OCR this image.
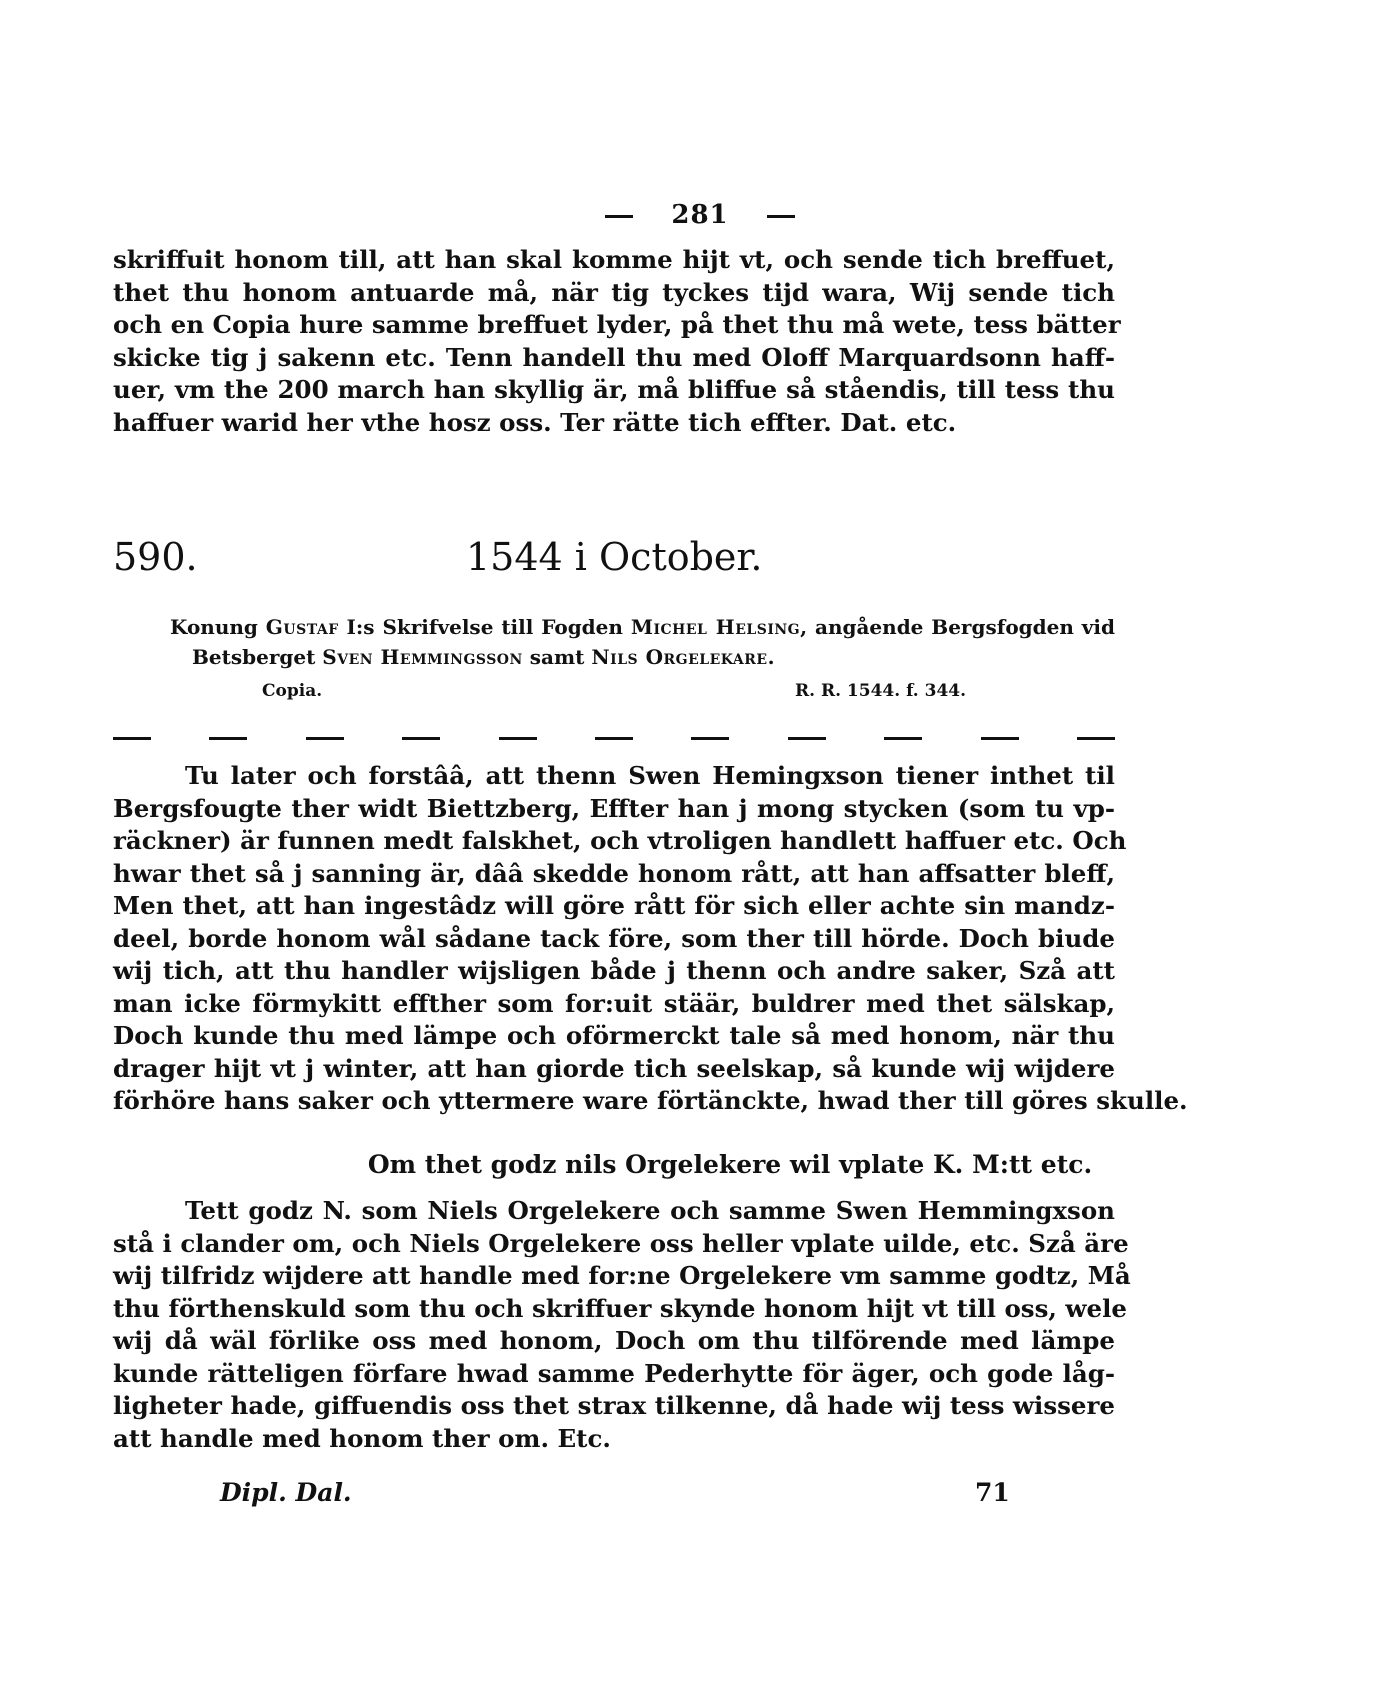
281
skriffuit honom till, att han skal komme hijt vt, och sende tich breffuet,
thet thu honom antuarde må, när tig tyckes tijd wara, Wij sende tich
och en Copia hure samme breffuet lyder, på thet thu må wete, tess bätter
skicke tig j sakenn etc. Tenn handell thu med Oloff Marquardsonn haff-
uer, vm the 200 march han skyllig är, må bliffue så ståendis, till tess thu
haffuer warid her vthe hosz oss. Ter rätte tich effter. Dat. etc.
590.	1544 i October.
Konung Gustaf I:s Skrifvelse till Fogden Michel Helsing, angående Bergsfogden vid
Betsberget Sven Hemmingsson samt Nils Orgelekare.
Copia.	R. R. 1544. f. 344.
Tu later och forstââ, att thenn Swen Hemingxson tiener inthet til
Bergsfougte ther widt Biettzberg, Effter han j mong stycken (som tu vp-
räckner) är funnen medt falskhet, och vtroligen handlett haffuer etc. Och
hwar thet så j sanning är, dââ skedde honom rått, att han affsatter bleff,
Men thet, att han ingestâdz will göre rått för sich eller achte sin mandz-
deel, borde honom wål sådane tack före, som ther till hörde. Doch biude
wij tich, att thu handler wijsligen både j thenn och andre saker, Szå att
man icke förmykitt effther som for:uit stäär, buldrer med thet sälskap,
Doch kunde thu med lämpe och oförmerckt tale så med honom, när thu
drager hijt vt j winter, att han giorde tich seelskap, så kunde wij wijdere
förhöre hans saker och yttermere ware förtänckte, hwad ther till göres skulle.
Om thet godz nils Orgelekere wil vplate K. M:tt etc.
Tett godz N. som Niels Orgelekere och samme Swen Hemmingxson
stå i clander om, och Niels Orgelekere oss heller vplate uilde, etc. Szå äre
wij tilfridz wijdere att handle med for:ne Orgelekere vm samme godtz, Må
thu förthenskuld som thu och skriffuer skynde honom hijt vt till oss, wele
wij då wäl förlike oss med honom, Doch om thu tilförende med lämpe
kunde rätteligen förfare hwad samme Pederhytte för äger, och gode låg-
ligheter hade, giffuendis oss thet strax tilkenne, då hade wij tess wissere
att handle med honom ther om. Etc.
Dipl. Dal.	71
